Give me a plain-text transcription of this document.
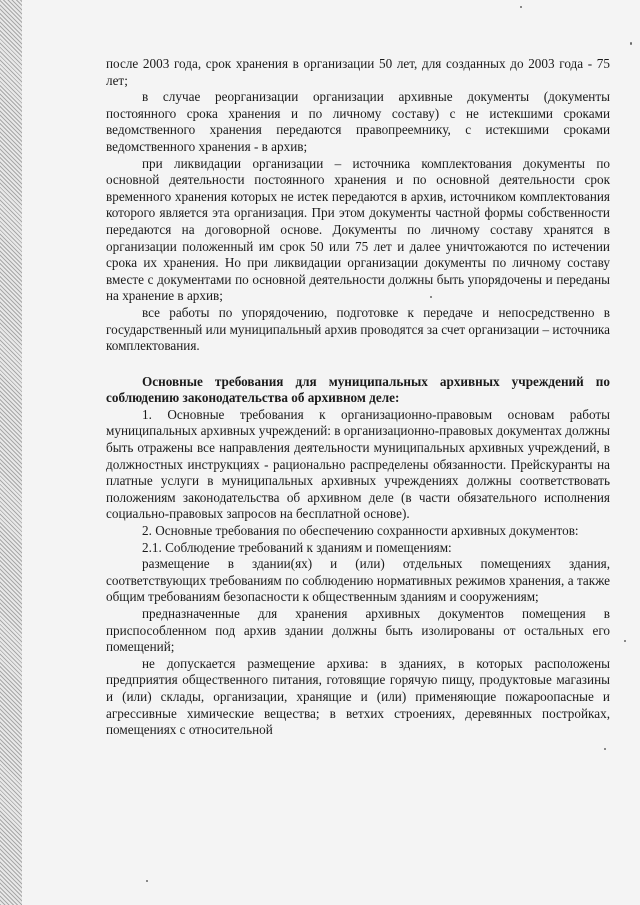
после 2003 года, срок хранения в организации 50 лет, для созданных до 2003 года - 75 лет;

в случае реорганизации организации архивные документы (документы постоянного срока хранения и по личному составу) с не истекшими сроками ведомственного хранения передаются правопреемнику, с истекшими сроками ведомственного хранения - в архив;

при ликвидации организации – источника комплектования документы по основной деятельности постоянного хранения и по основной деятельности срок временного хранения которых не истек передаются в архив, источником комплектования которого является эта организация. При этом документы частной формы собственности передаются на договорной основе. Документы по личному составу хранятся в организации положенный им срок 50 или 75 лет и далее уничтожаются по истечении срока их хранения. Но при ликвидации организации документы по личному составу вместе с документами по основной деятельности должны быть упорядочены и переданы на хранение в архив;

все работы по упорядочению, подготовке к передаче и непосредственно в государственный или муниципальный архив проводятся за счет организации – источника комплектования.

Основные требования для муниципальных архивных учреждений по соблюдению законодательства об архивном деле:

1. Основные требования к организационно-правовым основам работы муниципальных архивных учреждений: в организационно-правовых документах должны быть отражены все направления деятельности муниципальных архивных учреждений, в должностных инструкциях - рационально распределены обязанности. Прейскуранты на платные услуги в муниципальных архивных учреждениях должны соответствовать положениям законодательства об архивном деле (в части обязательного исполнения социально-правовых запросов на бесплатной основе).

2. Основные требования по обеспечению сохранности архивных документов:

2.1. Соблюдение требований к зданиям и помещениям:

размещение в здании(ях) и (или) отдельных помещениях здания, соответствующих требованиям по соблюдению нормативных режимов хранения, а также общим требованиям безопасности к общественным зданиям и сооружениям;

предназначенные для хранения архивных документов помещения в приспособленном под архив здании должны быть изолированы от остальных его помещений;

не допускается размещение архива: в зданиях, в которых расположены предприятия общественного питания, готовящие горячую пищу, продуктовые магазины и (или) склады, организации, хранящие и (или) применяющие пожароопасные и агрессивные химические вещества; в ветхих строениях, деревянных постройках, помещениях с относительной
